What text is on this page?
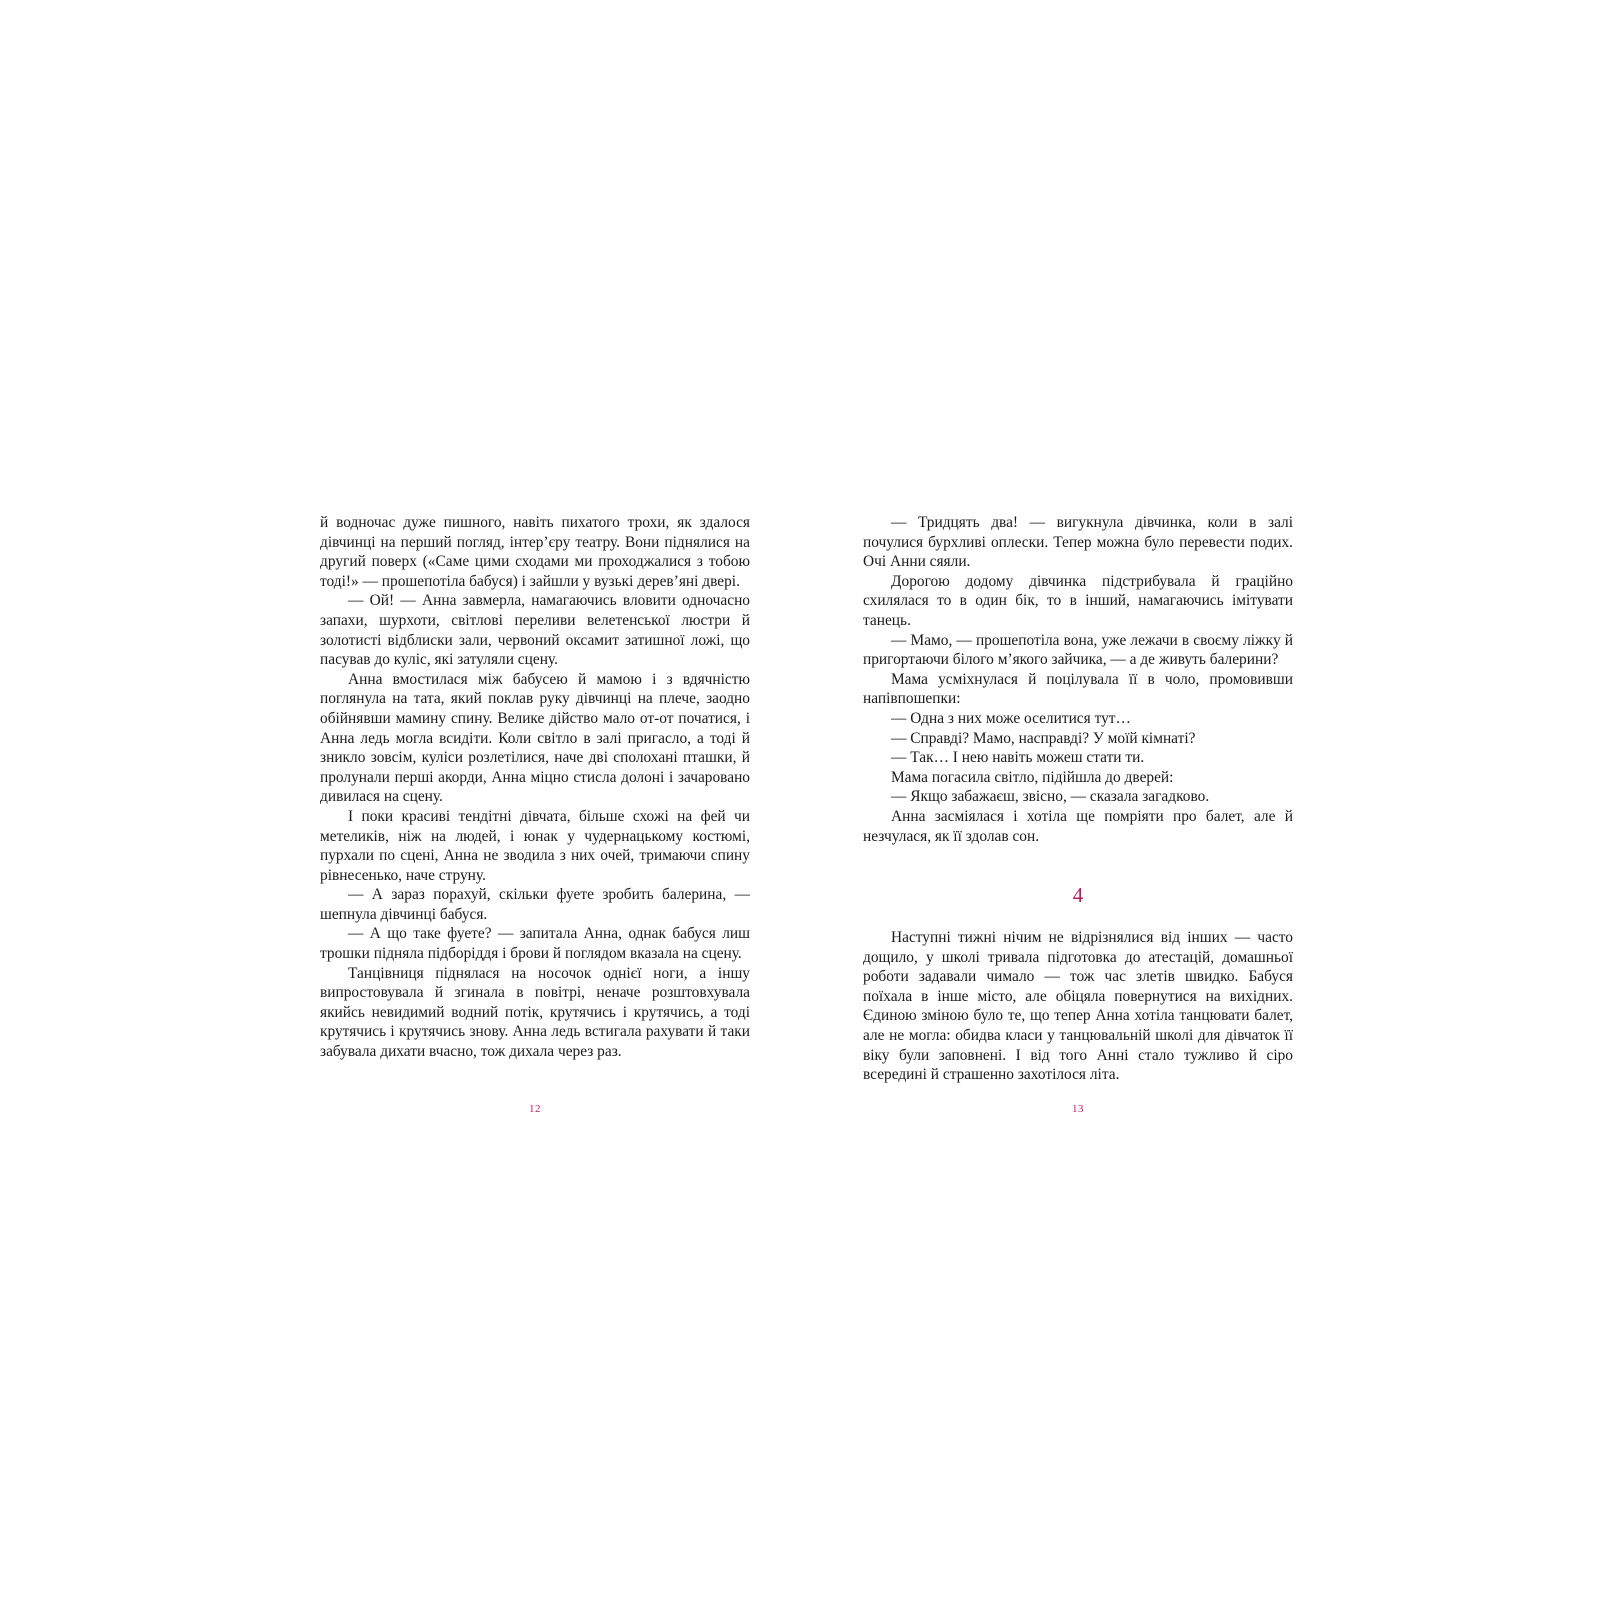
й водночас дуже пишного, навіть пихатого трохи, як здалося дівчинці на перший погляд, інтер’єру театру. Вони піднялися на другий поверх («Саме цими сходами ми проходжалися з тобою тоді!» — прошепотіла бабуся) і зайшли у вузькі дерев’яні двері.

— Ой! — Анна завмерла, намагаючись вловити одночасно запахи, шурхоти, світлові переливи велетенської люстри й золотисті відблиски зали, червоний оксамит затишної ложі, що пасував до куліс, які затуляли сцену.

Анна вмостилася між бабусею й мамою і з вдячністю поглянула на тата, який поклав руку дівчинці на плече, заодно обійнявши мамину спину. Велике дійство мало от-от початися, і Анна ледь могла всидіти. Коли світло в залі пригасло, а тоді й зникло зовсім, куліси розлетілися, наче дві сполохані пташки, й пролунали перші акорди, Анна міцно стисла долоні і зачаровано дивилася на сцену.

І поки красиві тендітні дівчата, більше схожі на фей чи метеликів, ніж на людей, і юнак у чудернацькому костюмі, пурхали по сцені, Анна не зводила з них очей, тримаючи спину рівнесенько, наче струну.

— А зараз порахуй, скільки фуете зробить балерина, — шепнула дівчинці бабуся.

— А що таке фуете? — запитала Анна, однак бабуся лиш трошки підняла підборіддя і брови й поглядом вказала на сцену.

Танцівниця піднялася на носочок однієї ноги, а іншу випростовувала й згинала в повітрі, неначе розштовхувала якийсь невидимий водний потік, крутячись і крутячись, а тоді крутячись і крутячись знову. Анна ледь встигала рахувати й таки забувала дихати вчасно, тож дихала через раз.

— Тридцять два! — вигукнула дівчинка, коли в залі почулися бурхливі оплески. Тепер можна було перевести подих. Очі Анни сяяли.

Дорогою додому дівчинка підстрибувала й граційно схилялася то в один бік, то в інший, намагаючись імітувати танець.

— Мамо, — прошепотіла вона, уже лежачи в своєму ліжку й пригортаючи білого м’якого зайчика, — а де живуть балерини?

Мама усміхнулася й поцілувала її в чоло, промовивши напівпошепки:

— Одна з них може оселитися тут…

— Справді? Мамо, насправді? У моїй кімнаті?

— Так… І нею навіть можеш стати ти.

Мама погасила світло, підійшла до дверей:

— Якщо забажаєш, звісно, — сказала загадково.

Анна засміялася і хотіла ще помріяти про балет, але й незчулася, як її здолав сон.

4

Наступні тижні нічим не відрізнялися від інших — часто дощило, у школі тривала підготовка до атестацій, домашньої роботи задавали чимало — тож час злетів швидко. Бабуся поїхала в інше місто, але обіцяла повернутися на вихідних. Єдиною зміною було те, що тепер Анна хотіла танцювати балет, але не могла: обидва класи у танцювальній школі для дівчаток її віку були заповнені. І від того Анні стало тужливо й сіро всередині й страшенно захотілося літа.

12	13
